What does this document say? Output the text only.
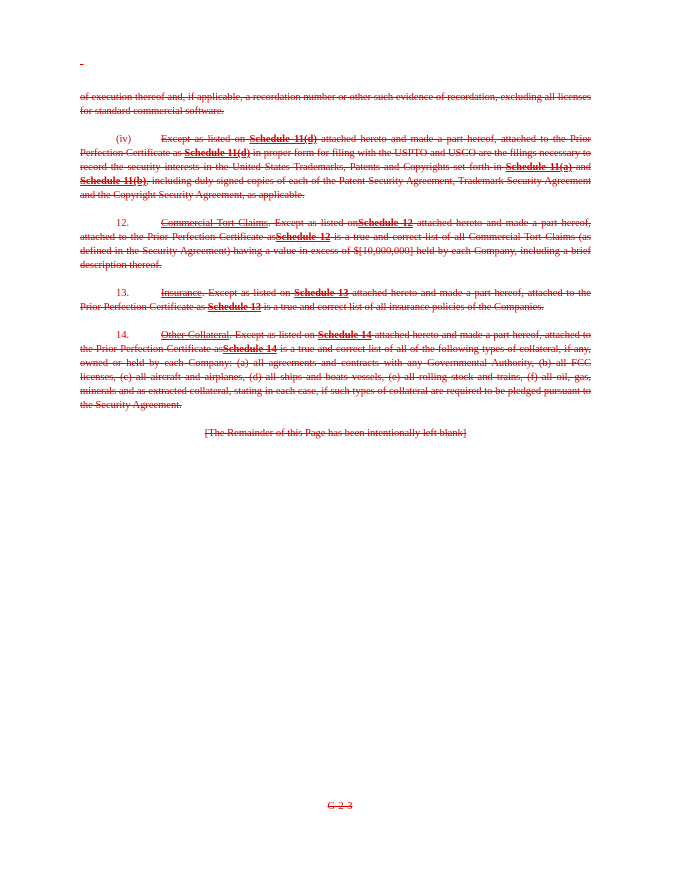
-

of execution thereof and, if applicable, a recordation number or other such evidence of recordation, excluding all licenses for standard commercial software.

(iv)	Except as listed on Schedule 11(d) attached hereto and made a part hereof, attached to the Prior Perfection Certificate as Schedule 11(d) in proper form for filing with the USPTO and USCO are the filings necessary to record the security interests in the United States Trademarks, Patents and Copyrights set forth in Schedule 11(a) and Schedule 11(b), including duly signed copies of each of the Patent Security Agreement, Trademark Security Agreement and the Copyright Security Agreement, as applicable.

12.	Commercial Tort Claims. Except as listed onSchedule 12 attached hereto and made a part hereof, attached to the Prior Perfection Certificate asSchedule 12 is a true and correct list of all Commercial Tort Claims (as defined in the Security Agreement) having a value in excess of $[10,000,000] held by each Company, including a brief description thereof.

13.	Insurance. Except as listed on Schedule 13 attached hereto and made a part hereof, attached to the Prior Perfection Certificate as Schedule 13 is a true and correct list of all insurance policies of the Companies.

14.	Other Collateral. Except as listed on Schedule 14 attached hereto and made a part hereof, attached to the Prior Perfection Certificate asSchedule 14 is a true and correct list of all of the following types of collateral, if any, owned or held by each Company: (a) all agreements and contracts with any Governmental Authority, (b) all FCC licenses, (c) all aircraft and airplanes, (d) all ships and boats vessels, (e) all rolling stock and trains, (f) all oil, gas, minerals and as extracted collateral, stating in each case, if such types of collateral are required to be pledged pursuant to the Security Agreement.

[The Remainder of this Page has been intentionally left blank]

G-2-3
